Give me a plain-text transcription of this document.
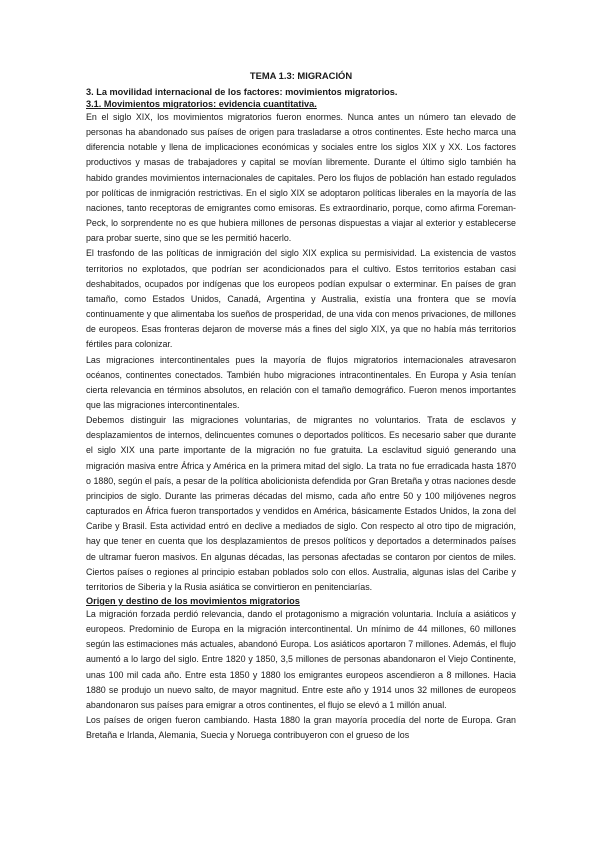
TEMA 1.3: MIGRACIÓN

3. La movilidad internacional de los factores: movimientos migratorios.

3.1. Movimientos migratorios: evidencia cuantitativa.

En el siglo XIX, los movimientos migratorios fueron enormes. Nunca antes un número tan elevado de personas ha abandonado sus países de origen para trasladarse a otros continentes. Este hecho marca una diferencia notable y llena de implicaciones económicas y sociales entre los siglos XIX y XX. Los factores productivos y masas de trabajadores y capital se movían libremente. Durante el último siglo también ha habido grandes movimientos internacionales de capitales. Pero los flujos de población han estado regulados por políticas de inmigración restrictivas. En el siglo XIX se adoptaron políticas liberales en la mayoría de las naciones, tanto receptoras de emigrantes como emisoras. Es extraordinario, porque, como afirma Foreman-Peck, lo sorprendente no es que hubiera millones de personas dispuestas a viajar al exterior y establecerse para probar suerte, sino que se les permitió hacerlo.

El trasfondo de las políticas de inmigración del siglo XIX explica su permisividad. La existencia de vastos territorios no explotados, que podrían ser acondicionados para el cultivo. Estos territorios estaban casi deshabitados, ocupados por indígenas que los europeos podían expulsar o exterminar. En países de gran tamaño, como Estados Unidos, Canadá, Argentina y Australia, existía una frontera que se movía continuamente y que alimentaba los sueños de prosperidad, de una vida con menos privaciones, de millones de europeos. Esas fronteras dejaron de moverse más a fines del siglo XIX, ya que no había más territorios fértiles para colonizar.

Las migraciones intercontinentales pues la mayoría de flujos migratorios internacionales atravesaron océanos, continentes conectados. También hubo migraciones intracontinentales. En Europa y Asia tenían cierta relevancia en términos absolutos, en relación con el tamaño demográfico. Fueron menos importantes que las migraciones intercontinentales.

Debemos distinguir las migraciones voluntarias, de migrantes no voluntarios. Trata de esclavos y desplazamientos de internos, delincuentes comunes o deportados políticos. Es necesario saber que durante el siglo XIX una parte importante de la migración no fue gratuita. La esclavitud siguió generando una migración masiva entre África y América en la primera mitad del siglo. La trata no fue erradicada hasta 1870 o 1880, según el país, a pesar de la política abolicionista defendida por Gran Bretaña y otras naciones desde principios de siglo. Durante las primeras décadas del mismo, cada año entre 50 y 100 miljóvenes negros capturados en África fueron transportados y vendidos en América, básicamente Estados Unidos, la zona del Caribe y Brasil. Esta actividad entró en declive a mediados de siglo. Con respecto al otro tipo de migración, hay que tener en cuenta que los desplazamientos de presos políticos y deportados a determinados países de ultramar fueron masivos. En algunas décadas, las personas afectadas se contaron por cientos de miles. Ciertos países o regiones al principio estaban poblados solo con ellos. Australia, algunas islas del Caribe y territorios de Siberia y la Rusia asiática se convirtieron en penitenciarías.

Origen y destino de los movimientos migratorios

La migración forzada perdió relevancia, dando el protagonismo a migración voluntaria. Incluía a asiáticos y europeos. Predominio de Europa en la migración intercontinental. Un mínimo de 44 millones, 60 millones según las estimaciones más actuales, abandonó Europa. Los asiáticos aportaron 7 millones. Además, el flujo aumentó a lo largo del siglo. Entre 1820 y 1850, 3,5 millones de personas abandonaron el Viejo Continente, unas 100 mil cada año. Entre esta 1850 y 1880 los emigrantes europeos ascendieron a 8 millones. Hacia 1880 se produjo un nuevo salto, de mayor magnitud. Entre este año y 1914 unos 32 millones de europeos abandonaron sus países para emigrar a otros continentes, el flujo se elevó a 1 millón anual.

Los países de origen fueron cambiando. Hasta 1880 la gran mayoría procedía del norte de Europa. Gran Bretaña e Irlanda, Alemania, Suecia y Noruega contribuyeron con el grueso de los
